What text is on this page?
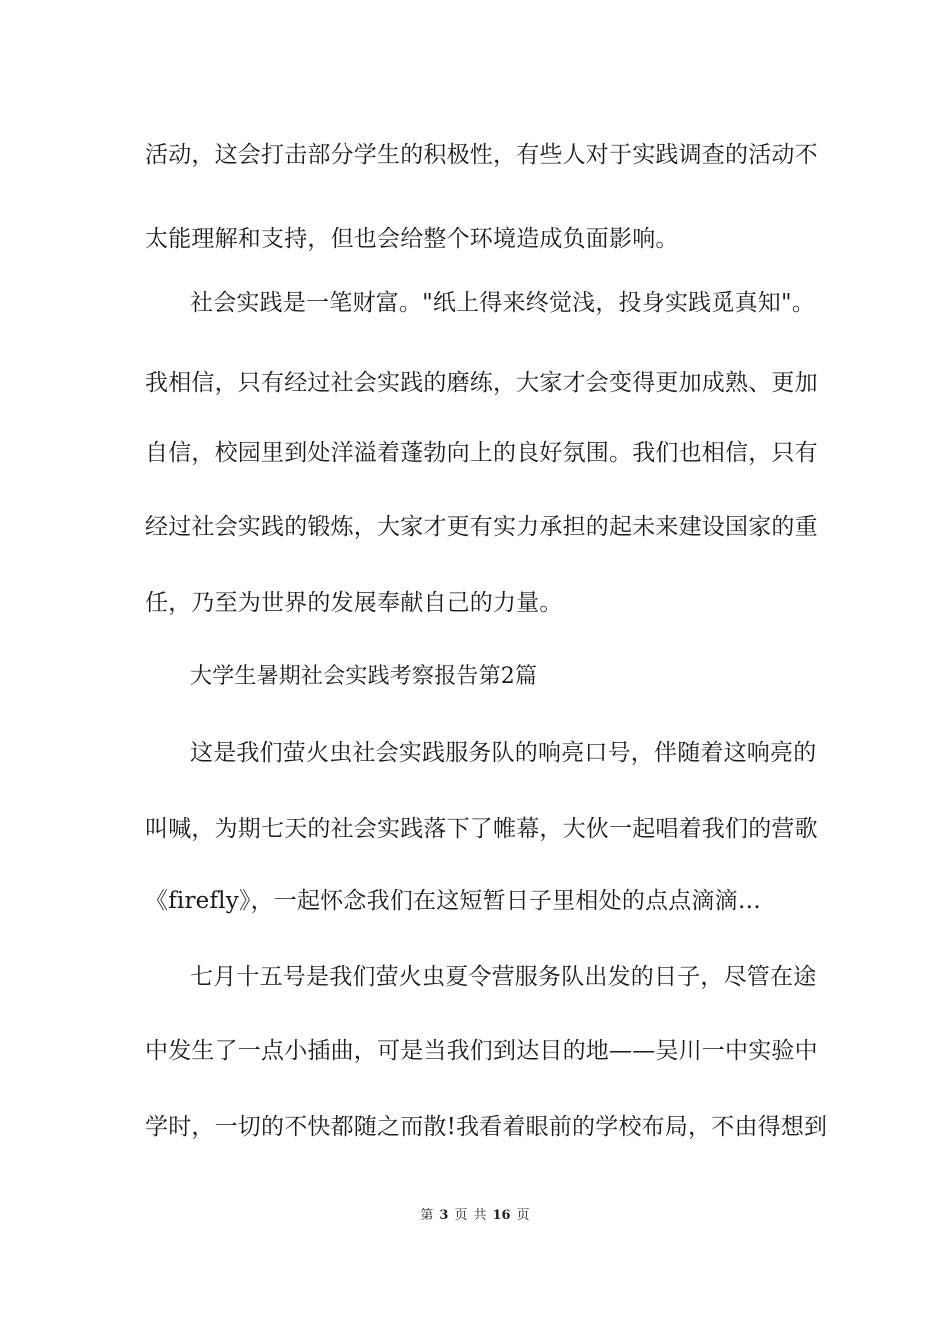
活动，这会打击部分学生的积极性，有些人对于实践调查的活动不
太能理解和支持，但也会给整个环境造成负面影响。
社会实践是一笔财富。"纸上得来终觉浅，投身实践觅真知"。
我相信，只有经过社会实践的磨练，大家才会变得更加成熟、更加
自信，校园里到处洋溢着蓬勃向上的良好氛围。我们也相信，只有
经过社会实践的锻炼，大家才更有实力承担的起未来建设国家的重
任，乃至为世界的发展奉献自己的力量。
大学生暑期社会实践考察报告第2篇
这是我们萤火虫社会实践服务队的响亮口号，伴随着这响亮的
叫喊，为期七天的社会实践落下了帷幕，大伙一起唱着我们的营歌
《firefly》，一起怀念我们在这短暂日子里相处的点点滴滴…
七月十五号是我们萤火虫夏令营服务队出发的日子，尽管在途
中发生了一点小插曲，可是当我们到达目的地——吴川一中实验中
学时，一切的不快都随之而散!我看着眼前的学校布局，不由得想到
第 3 页 共 16 页
